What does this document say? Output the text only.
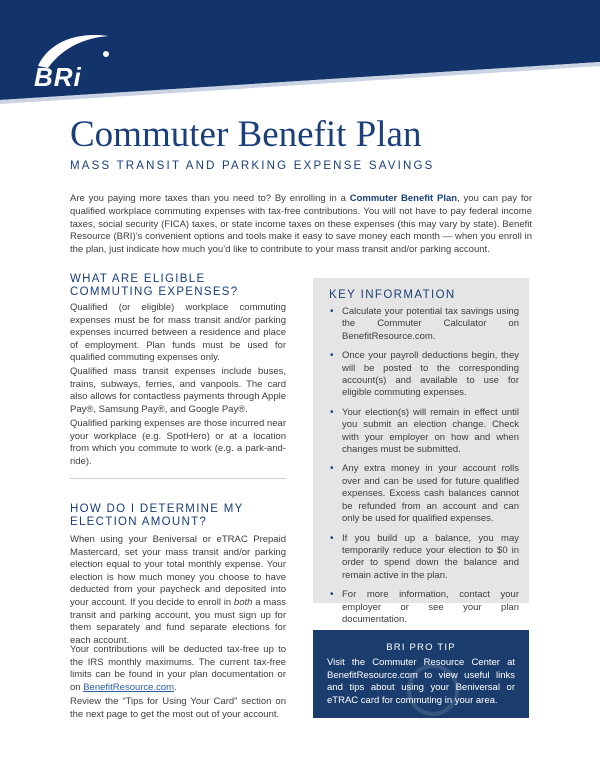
BRi
Commuter Benefit Plan
MASS TRANSIT AND PARKING EXPENSE SAVINGS

Are you paying more taxes than you need to? By enrolling in a Commuter Benefit Plan, you can pay for qualified workplace commuting expenses with tax-free contributions. You will not have to pay federal income taxes, social security (FICA) taxes, or state income taxes on these expenses (this may vary by state). Benefit Resource (BRI)’s convenient options and tools make it easy to save money each month — when you enroll in the plan, just indicate how much you’d like to contribute to your mass transit and/or parking account.

WHAT ARE ELIGIBLE COMMUTING EXPENSES?

Qualified (or eligible) workplace commuting expenses must be for mass transit and/or parking expenses incurred between a residence and place of employment. Plan funds must be used for qualified commuting expenses only.

Qualified mass transit expenses include buses, trains, subways, ferries, and vanpools. The card also allows for contactless payments through Apple Pay®, Samsung Pay®, and Google Pay®.

Qualified parking expenses are those incurred near your workplace (e.g. SpotHero) or at a location from which you commute to work (e.g. a park-and-ride).

HOW DO I DETERMINE MY ELECTION AMOUNT?

When using your Beniversal or eTRAC Prepaid Mastercard, set your mass transit and/or parking election equal to your total monthly expense. Your election is how much money you choose to have deducted from your paycheck and deposited into your account. If you decide to enroll in both a mass transit and parking account, you must sign up for them separately and fund separate elections for each account.

Your contributions will be deducted tax-free up to the IRS monthly maximums. The current tax-free limits can be found in your plan documentation or on BenefitResource.com.

Review the “Tips for Using Your Card” section on the next page to get the most out of your account.

KEY INFORMATION
• Calculate your potential tax savings using the Commuter Calculator on BenefitResource.com.
• Once your payroll deductions begin, they will be posted to the corresponding account(s) and available to use for eligible commuting expenses.
• Your election(s) will remain in effect until you submit an election change. Check with your employer on how and when changes must be submitted.
• Any extra money in your account rolls over and can be used for future qualified expenses. Excess cash balances cannot be refunded from an account and can only be used for qualified expenses.
• If you build up a balance, you may temporarily reduce your election to $0 in order to spend down the balance and remain active in the plan.
• For more information, contact your employer or see your plan documentation.
BRI PRO TIP
Visit the Commuter Resource Center at BenefitResource.com to view useful links and tips about using your Beniversal or eTRAC card for commuting in your area.
